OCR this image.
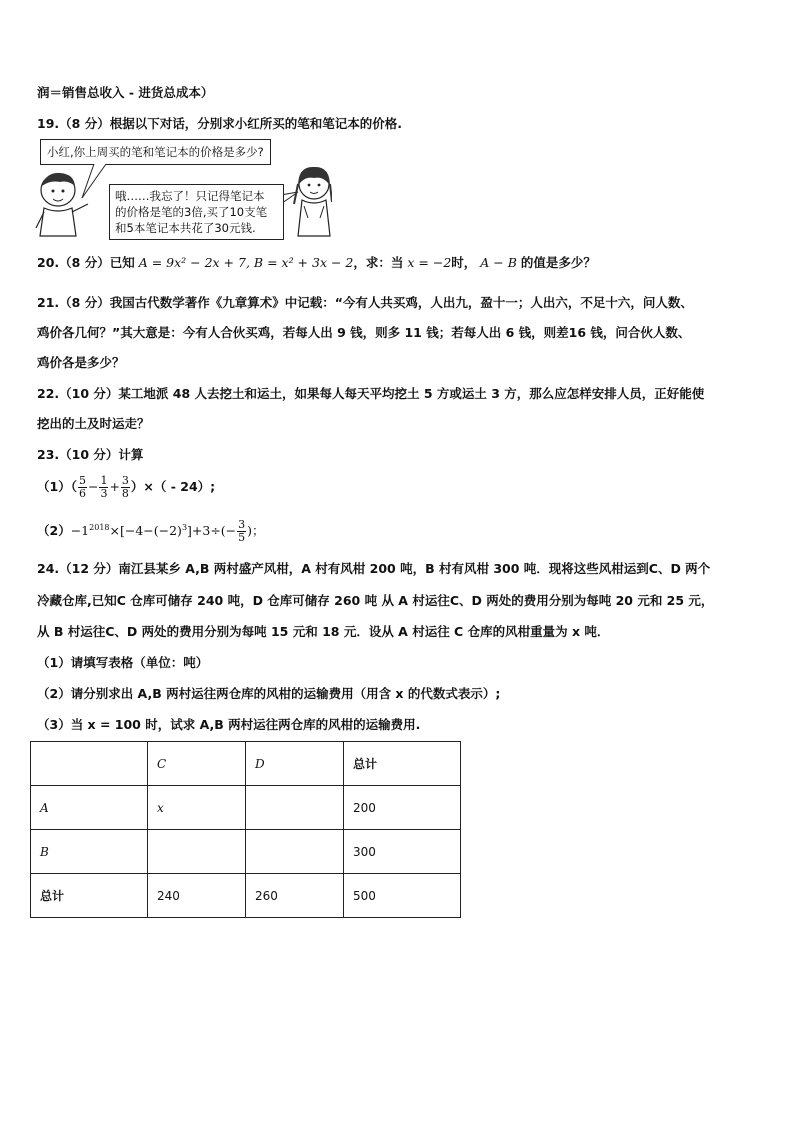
润＝销售总收入 - 进货总成本）
19.（8 分）根据以下对话，分别求小红所买的笔和笔记本的价格.
小红,你上周买的笔和笔记本的价格是多少?
哦……我忘了！只记得笔记本
的价格是笔的3倍,买了10支笔
和5本笔记本共花了30元钱.
20.（8 分）已知 A = 9x² − 2x + 7, B = x² + 3x − 2，求：当 x = −2时， A − B 的值是多少？
21.（8 分）我国古代数学著作《九章算术》中记载：“今有人共买鸡，人出九，盈十一；人出六，不足十六，问人数、
鸡价各几何？”其大意是：今有人合伙买鸡，若每人出 9 钱，则多 11 钱；若每人出 6 钱，则差16 钱，问合伙人数、
鸡价各是多少？
22.（10 分）某工地派 48 人去挖土和运土，如果每人每天平均挖土 5 方或运土 3 方，那么应怎样安排人员，正好能使
挖出的土及时运走？
23.（10 分）计算
$(1)( \frac{5}{6} - \frac{1}{3} + \frac{3}{8}$ ）×（ - 24）;
$(2)-1^{2018}\times[-4-(-2)^3]+3\div(- \frac{3}{5}$ )；
24.（12 分）南江县某乡 A,B 两村盛产风柑，A 村有风柑 200 吨，B 村有风柑 300 吨．现将这些风柑运到C、D 两个
冷藏仓库,已知C 仓库可储存 240 吨，D 仓库可储存 260 吨 从 A 村运往C、D 两处的费用分别为每吨 20 元和 25 元，
从 B 村运往C、D 两处的费用分别为每吨 15 元和 18 元．设从 A 村运往 C 仓库的风柑重量为 x 吨．
（1）请填写表格（单位：吨）
（2）请分别求出 A,B 两村运往两仓库的风柑的运输费用（用含 x 的代数式表示）;
（3）当 x = 100 时，试求 A,B 两村运往两仓库的风柑的运输费用.
	C	D	总计
A	x		200
B			300
总计	240	260	500
